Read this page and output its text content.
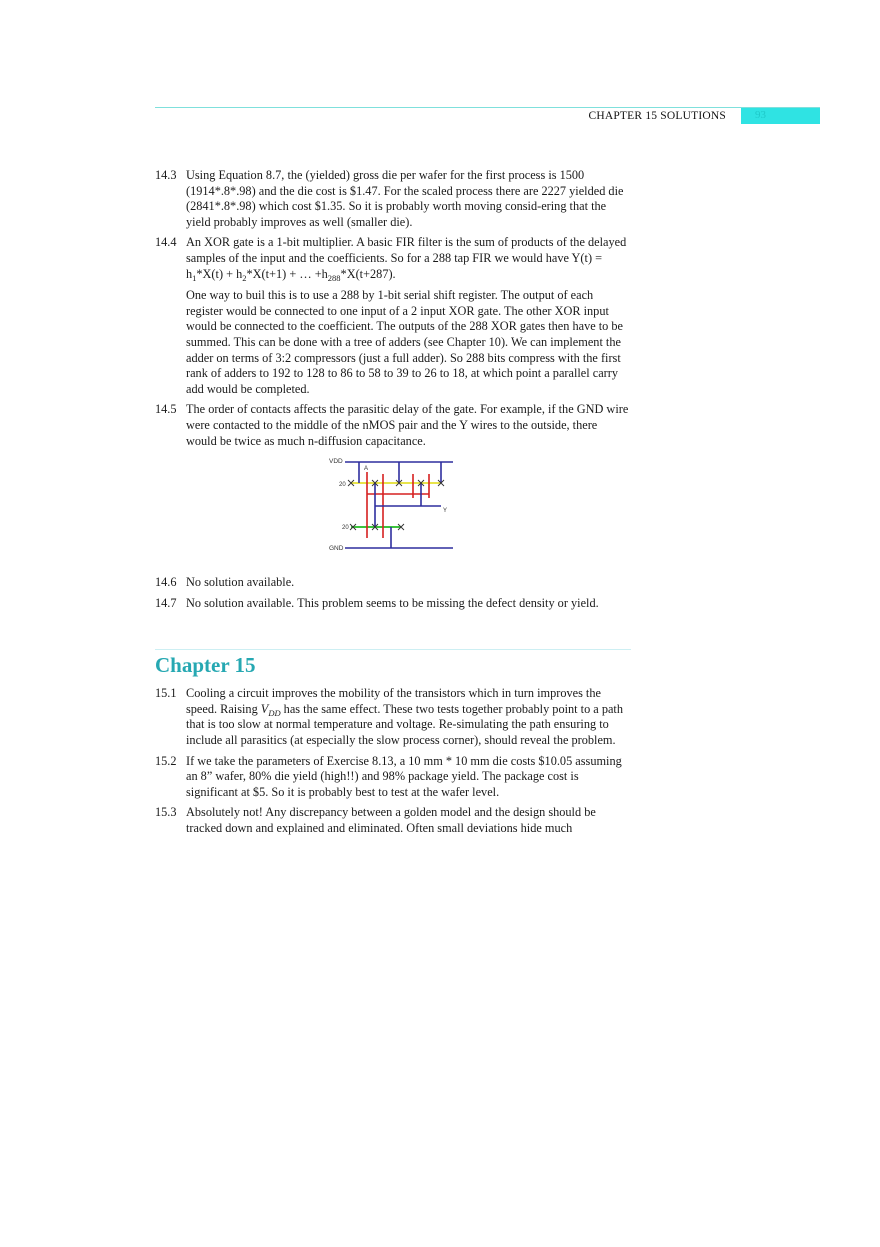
CHAPTER 15 SOLUTIONS	93
14.3 Using Equation 8.7, the (yielded) gross die per wafer for the first process is 1500 (1914*.8*.98) and the die cost is $1.47. For the scaled process there are 2227 yielded die (2841*.8*.98) which cost $1.35. So it is probably worth moving consid-ering that the yield probably improves as well (smaller die).

14.4 An XOR gate is a 1-bit multiplier. A basic FIR filter is the sum of products of the delayed samples of the input and the coefficients. So for a 288 tap FIR we would have $Y(t) = h_1*X(t) + h_2*X(t+1)$ + … $+h_{288}*X(t+287)$.

One way to buil this is to use a 288 by 1-bit serial shift register. The output of each register would be connected to one input of a 2 input XOR gate. The other XOR input would be connected to the coefficient. The outputs of the 288 XOR gates then have to be summed. This can be done with a tree of adders (see Chapter 10). We can implement the adder on terms of 3:2 compressors (just a full adder). So 288 bits compress with the first rank of adders to 192 to 128 to 86 to 58 to 39 to 26 to 18, at which point a parallel carry add would be completed.

14.5 The order of contacts affects the parasitic delay of the gate. For example, if the GND wire were contacted to the middle of the nMOS pair and the Y wires to the outside, there would be twice as much n-diffusion capacitance.

VDD
A
Y
20
20
GND
14.6 No solution available.

14.7 No solution available. This problem seems to be missing the defect density or yield.

Chapter 15
15.1 Cooling a circuit improves the mobility of the transistors which in turn improves the speed. Raising $V_{DD}$ has the same effect. These two tests together probably point to a path that is too slow at normal temperature and voltage. Re-simulating the path ensuring to include all parasitics (at especially the slow process corner), should reveal the problem.

15.2 If we take the parameters of Exercise 8.13, a 10 mm * 10 mm die costs $10.05 assuming an 8” wafer, 80% die yield (high!!) and 98% package yield. The package cost is significant at $5. So it is probably best to test at the wafer level.

15.3 Absolutely not! Any discrepancy between a golden model and the design should be tracked down and explained and eliminated. Often small deviations hide much
